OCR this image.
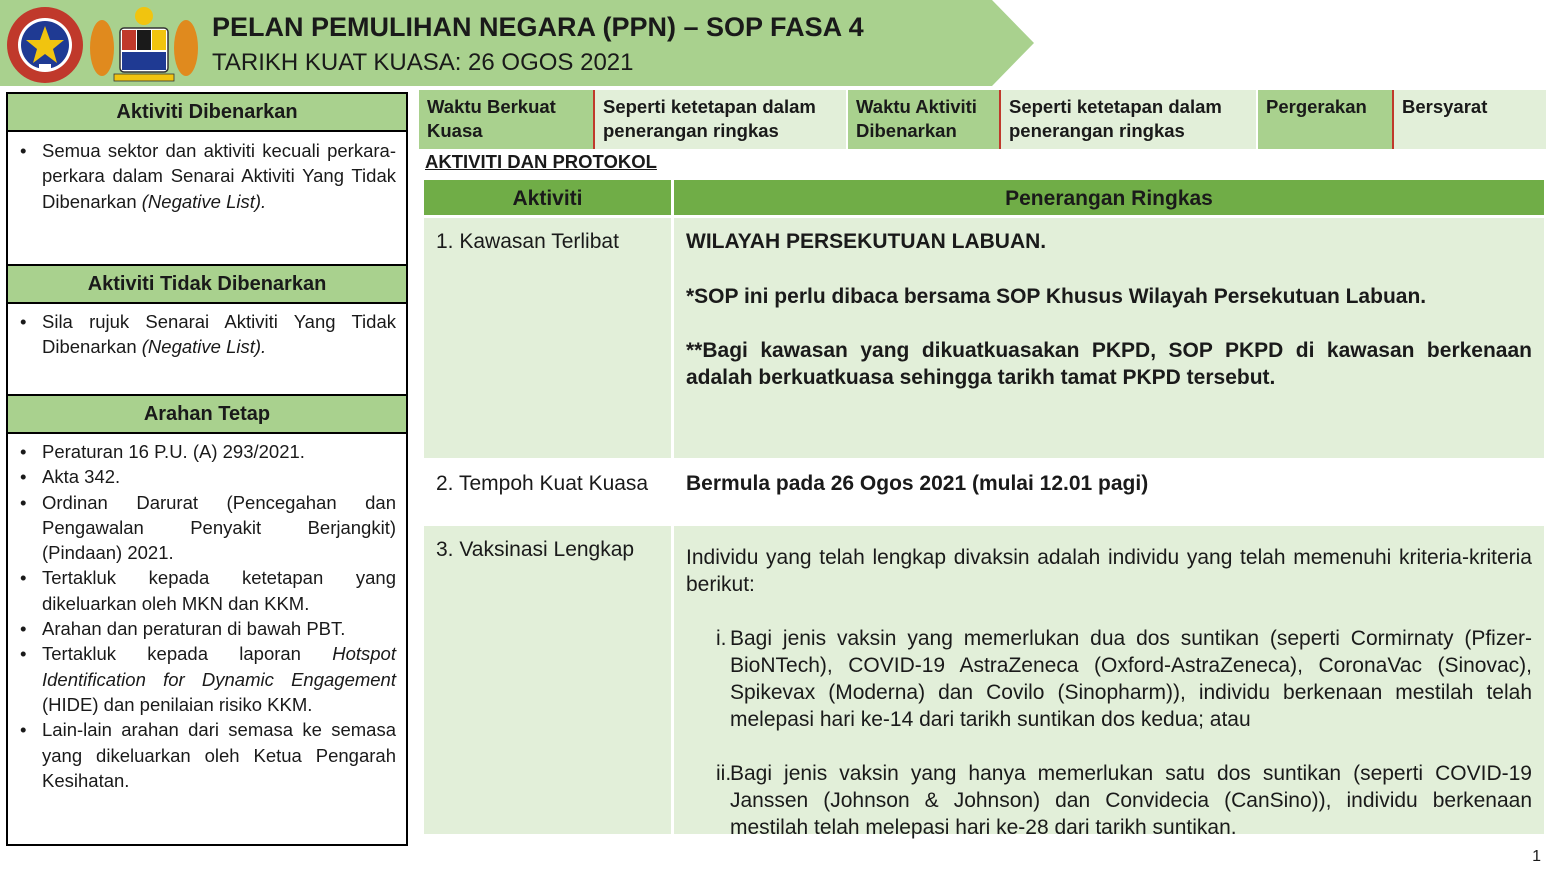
PELAN PEMULIHAN NEGARA (PPN) – SOP FASA 4
TARIKH KUAT KUASA: 26 OGOS 2021
Aktiviti Dibenarkan
• Semua sektor dan aktiviti kecuali perkara-perkara dalam Senarai Aktiviti Yang Tidak Dibenarkan (Negative List).
Aktiviti Tidak Dibenarkan
• Sila rujuk Senarai Aktiviti Yang Tidak Dibenarkan (Negative List).
Arahan Tetap
• Peraturan 16 P.U. (A) 293/2021.
• Akta 342.
• Ordinan Darurat (Pencegahan dan Pengawalan Penyakit Berjangkit) (Pindaan) 2021.
• Tertakluk kepada ketetapan yang dikeluarkan oleh MKN dan KKM.
• Arahan dan peraturan di bawah PBT.
• Tertakluk kepada laporan Hotspot Identification for Dynamic Engagement (HIDE) dan penilaian risiko KKM.
• Lain-lain arahan dari semasa ke semasa yang dikeluarkan oleh Ketua Pengarah Kesihatan.
Waktu Berkuat Kuasa
Seperti ketetapan dalam penerangan ringkas
Waktu Aktiviti Dibenarkan
Seperti ketetapan dalam penerangan ringkas
Pergerakan	Bersyarat
AKTIVITI DAN PROTOKOL
Aktiviti	Penerangan Ringkas
1. Kawasan Terlibat	WILAYAH PERSEKUTUAN LABUAN.
*SOP ini perlu dibaca bersama SOP Khusus Wilayah Persekutuan Labuan.
**Bagi kawasan yang dikuatkuasakan PKPD, SOP PKPD di kawasan berkenaan adalah berkuatkuasa sehingga tarikh tamat PKPD tersebut.
2. Tempoh Kuat Kuasa	Bermula pada 26 Ogos 2021 (mulai 12.01 pagi)
3. Vaksinasi Lengkap	Individu yang telah lengkap divaksin adalah individu yang telah memenuhi kriteria-kriteria berikut:
i. Bagi jenis vaksin yang memerlukan dua dos suntikan (seperti Cormirnaty (Pfizer-BioNTech), COVID-19 AstraZeneca (Oxford-AstraZeneca), CoronaVac (Sinovac), Spikevax (Moderna) dan Covilo (Sinopharm)), individu berkenaan mestilah telah melepasi hari ke-14 dari tarikh suntikan dos kedua; atau
ii.
Bagi jenis vaksin yang hanya memerlukan satu dos suntikan (seperti COVID-19 Janssen (Johnson & Johnson) dan Convidecia (CanSino)), individu berkenaan mestilah telah melepasi hari ke-28 dari tarikh suntikan.
1
